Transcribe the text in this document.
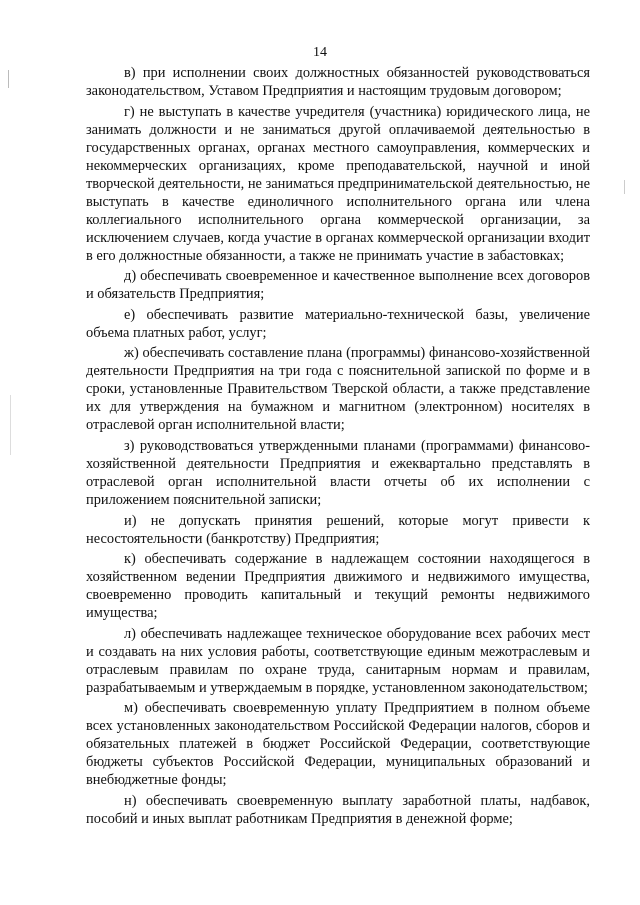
14

в) при исполнении своих должностных обязанностей руководствоваться законодательством, Уставом Предприятия и настоящим трудовым договором;

г) не выступать в качестве учредителя (участника) юридического лица, не занимать должности и не заниматься другой оплачиваемой деятельностью в государственных органах, органах местного самоуправления, коммерческих и некоммерческих организациях, кроме преподавательской, научной и иной творческой деятельности, не заниматься предпринимательской деятельностью, не выступать в качестве единоличного исполнительного органа или члена коллегиального исполнительного органа коммерческой организации, за исключением случаев, когда участие в органах коммерческой организации входит в его должностные обязанности, а также не принимать участие в забастовках;

д) обеспечивать своевременное и качественное выполнение всех договоров и обязательств Предприятия;

е) обеспечивать развитие материально-технической базы, увеличение объема платных работ, услуг;

ж) обеспечивать составление плана (программы) финансово-хозяйственной деятельности Предприятия на три года с пояснительной запиской по форме и в сроки, установленные Правительством Тверской области, а также представление их для утверждения на бумажном и магнитном (электронном) носителях в отраслевой орган исполнительной власти;

з) руководствоваться утвержденными планами (программами) финансово-хозяйственной деятельности Предприятия и ежеквартально представлять в отраслевой орган исполнительной власти отчеты об их исполнении с приложением пояснительной записки;

и) не допускать принятия решений, которые могут привести к несостоятельности (банкротству) Предприятия;

к) обеспечивать содержание в надлежащем состоянии находящегося в хозяйственном ведении Предприятия движимого и недвижимого имущества, своевременно проводить капитальный и текущий ремонты недвижимого имущества;

л) обеспечивать надлежащее техническое оборудование всех рабочих мест и создавать на них условия работы, соответствующие единым межотраслевым и отраслевым правилам по охране труда, санитарным нормам и правилам, разрабатываемым и утверждаемым в порядке, установленном законодательством;

м) обеспечивать своевременную уплату Предприятием в полном объеме всех установленных законодательством Российской Федерации налогов, сборов и обязательных платежей в бюджет Российской Федерации, соответствующие бюджеты субъектов Российской Федерации, муниципальных образований и внебюджетные фонды;

н) обеспечивать своевременную выплату заработной платы, надбавок, пособий и иных выплат работникам Предприятия в денежной форме;
